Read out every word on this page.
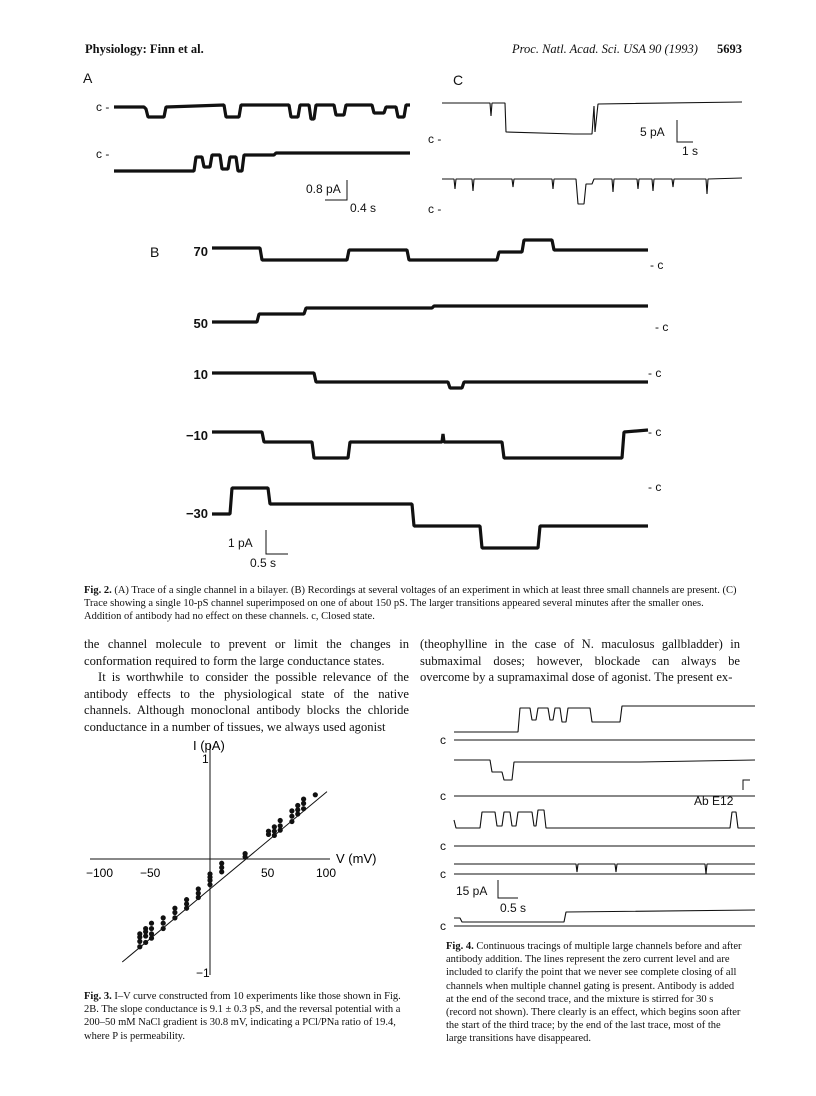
Physiology: Finn et al.	Proc. Natl. Acad. Sci. USA 90 (1993) 5693
A	C
B
c -
c -
0.8 pA
0.4 s
c -
c -
5 pA
1 s
70
50
10
−10
−30
- c
- c
- c
- c
- c
1 pA
0.5 s
Fig. 2. (A) Trace of a single channel in a bilayer. (B) Recordings at several voltages of an experiment in which at least three small channels are present. (C) Trace showing a single 10-pS channel superimposed on one of about 150 pS. The larger transitions appeared several minutes after the smaller ones. Addition of antibody had no effect on these channels. c, Closed state.
the channel molecule to prevent or limit the changes in conformation required to form the large conductance states.
It is worthwhile to consider the possible relevance of the antibody effects to the physiological state of the native channels. Although monoclonal antibody blocks the chloride conductance in a number of tissues, we always used agonist
(theophylline in the case of N. maculosus gallbladder) in submaximal doses; however, blockade can always be overcome by a supramaximal dose of agonist. The present ex-
I (pA)
V (mV)
1
−1
−100 −50	50	100
Fig. 3. I–V curve constructed from 10 experiments like those shown in Fig. 2B. The slope conductance is 9.1 ± 0.3 pS, and the reversal potential with a 200–50 mM NaCl gradient is 30.8 mV, indicating a PCl/PNa ratio of 19.4, where P is permeability.
c
c
c
c
c
Ab E12
15 pA
0.5 s
Fig. 4. Continuous tracings of multiple large channels before and after antibody addition. The lines represent the zero current level and are included to clarify the point that we never see complete closing of all channels when multiple channel gating is present. Antibody is added at the end of the second trace, and the mixture is stirred for 30 s (record not shown). There clearly is an effect, which begins soon after the start of the third trace; by the end of the last trace, most of the large transitions have disappeared.
